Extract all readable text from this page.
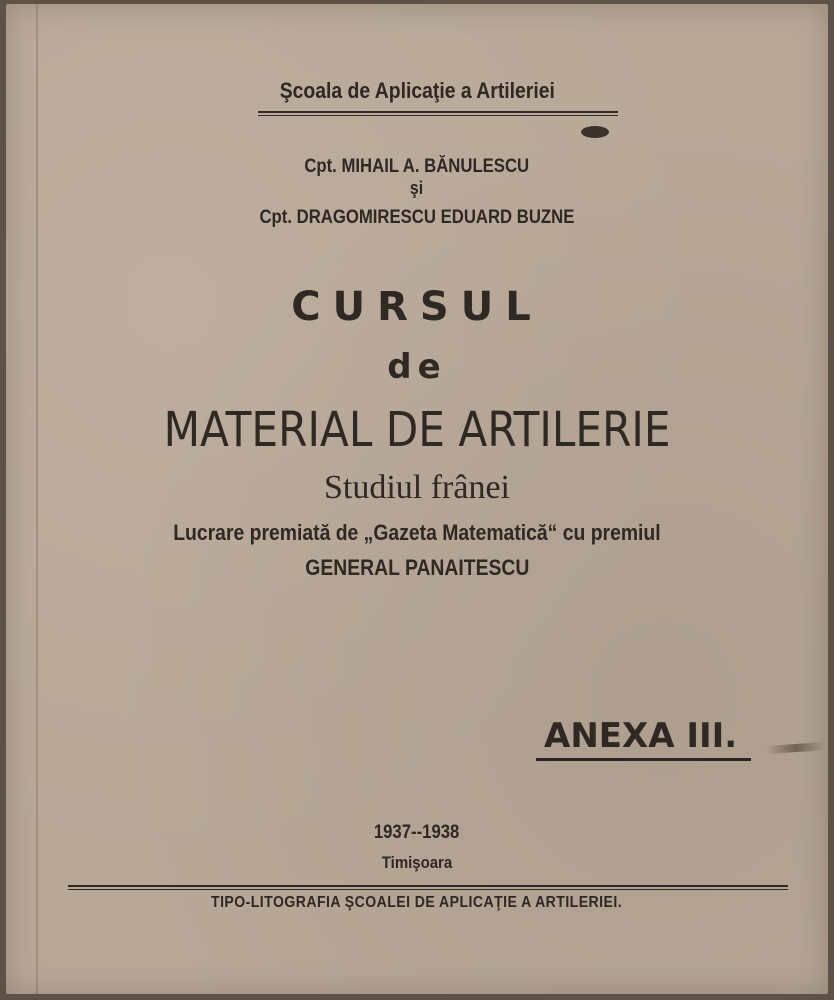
Şcoala de Aplicaţie a Artileriei
Cpt. MIHAIL A. BĂNULESCU
şi
Cpt. DRAGOMIRESCU EDUARD BUZNE
CURSUL
de
MATERIAL DE ARTILERIE
Studiul frânei
Lucrare premiată de „Gazeta Matematică“ cu premiul
GENERAL PANAITESCU
ANEXA III.
1937--1938
Timişoara
TIPO-LITOGRAFIA ŞCOALEI DE APLICAŢIE A ARTILERIEI.
